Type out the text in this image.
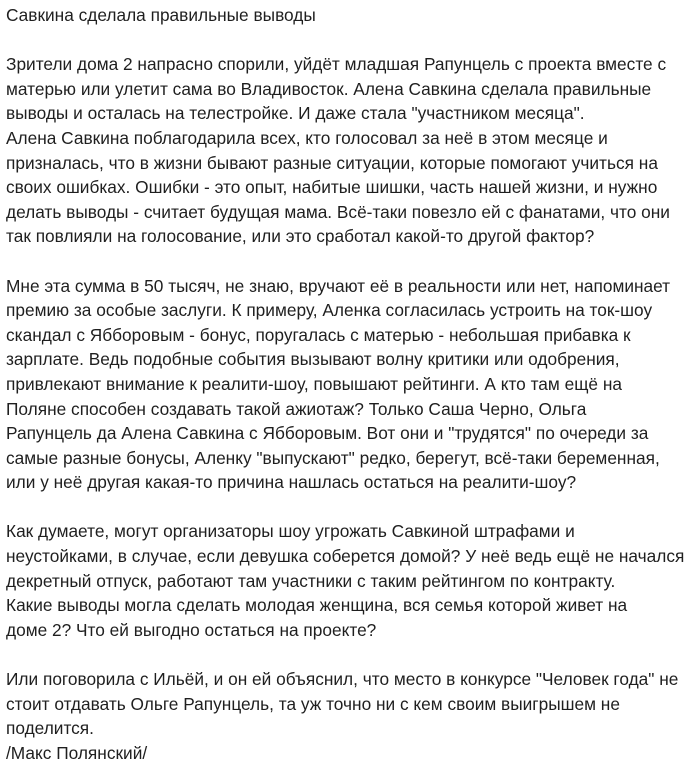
Савкина сделала правильные выводы
Зрители дома 2 напрасно спорили, уйдёт младшая Рапунцель с проекта вместе с
матерью или улетит сама во Владивосток. Алена Савкина сделала правильные
выводы и осталась на телестройке. И даже стала "участником месяца".
Алена Савкина поблагодарила всех, кто голосовал за неё в этом месяце и
призналась, что в жизни бывают разные ситуации, которые помогают учиться на
своих ошибках. Ошибки - это опыт, набитые шишки, часть нашей жизни, и нужно
делать выводы - считает будущая мама. Всё-таки повезло ей с фанатами, что они
так повлияли на голосование, или это сработал какой-то другой фактор?
Мне эта сумма в 50 тысяч, не знаю, вручают её в реальности или нет, напоминает
премию за особые заслуги. К примеру, Аленка согласилась устроить на ток-шоу
скандал с Ябборовым - бонус, поругалась с матерью - небольшая прибавка к
зарплате. Ведь подобные события вызывают волну критики или одобрения,
привлекают внимание к реалити-шоу, повышают рейтинги. А кто там ещё на
Поляне способен создавать такой ажиотаж? Только Саша Черно, Ольга
Рапунцель да Алена Савкина с Ябборовым. Вот они и "трудятся" по очереди за
самые разные бонусы, Аленку "выпускают" редко, берегут, всё-таки беременная,
или у неё другая какая-то причина нашлась остаться на реалити-шоу?
Как думаете, могут организаторы шоу угрожать Савкиной штрафами и
неустойками, в случае, если девушка соберется домой? У неё ведь ещё не начался
декретный отпуск, работают там участники с таким рейтингом по контракту.
Какие выводы могла сделать молодая женщина, вся семья которой живет на
доме 2? Что ей выгодно остаться на проекте?
Или поговорила с Ильёй, и он ей объяснил, что место в конкурсе "Человек года" не
стоит отдавать Ольге Рапунцель, та уж точно ни с кем своим выигрышем не
поделится.
/Макс Полянский/
